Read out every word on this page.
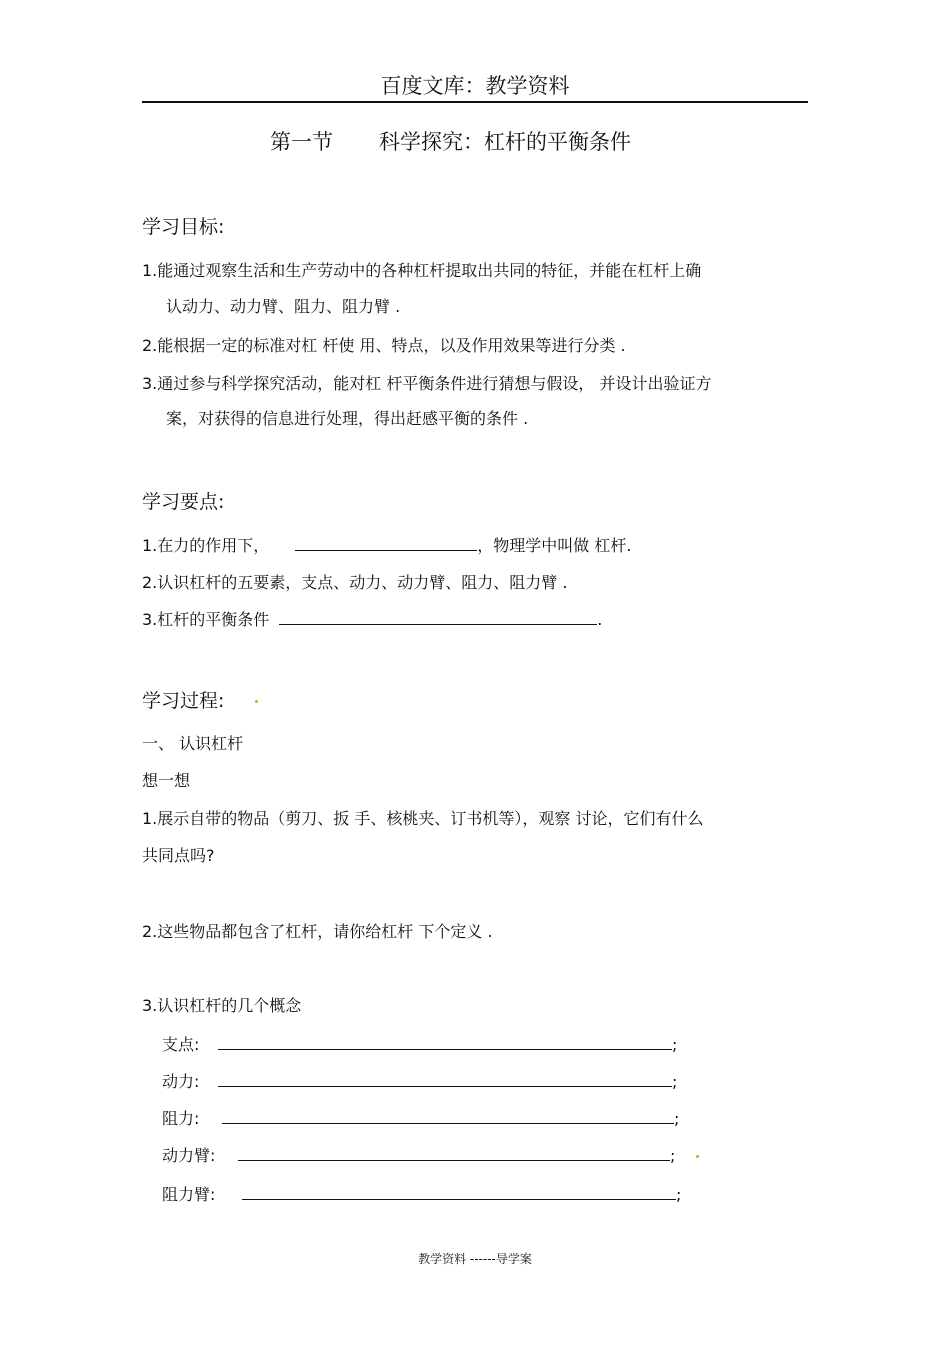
百度文库：教学资料
第一节 科学探究：杠杆的平衡条件
学习目标:
1.能通过观察生活和生产劳动中的各种杠杆提取出共同的特征，并能在杠杆上确
认动力、动力臂、阻力、阻力臂 .
2.能根据一定的标准对杠 杆使 用、特点，以及作用效果等进行分类 .
3.通过参与科学探究活动，能对杠 杆平衡条件进行猜想与假设， 并设计出验证方
案，对获得的信息进行处理，得出赶感平衡的条件 .
学习要点:
1.在力的作用下，	，物理学中叫做 杠杆.
2.认识杠杆的五要素，支点、动力、动力臂、阻力、阻力臂 .
3.杠杆的平衡条件	.
学习过程:
一、 认识杠杆
想一想
1.展示自带的物品（剪刀、扳 手、核桃夹、订书机等），观察 讨论，它们有什么
共同点吗?
2.这些物品都包含了杠杆，请你给杠杆 下个定义 .
3.认识杠杆的几个概念
支点:	;
动力:	;
阻力:	;
动力臂:	;
阻力臂:	;
教学资料 ------导学案
